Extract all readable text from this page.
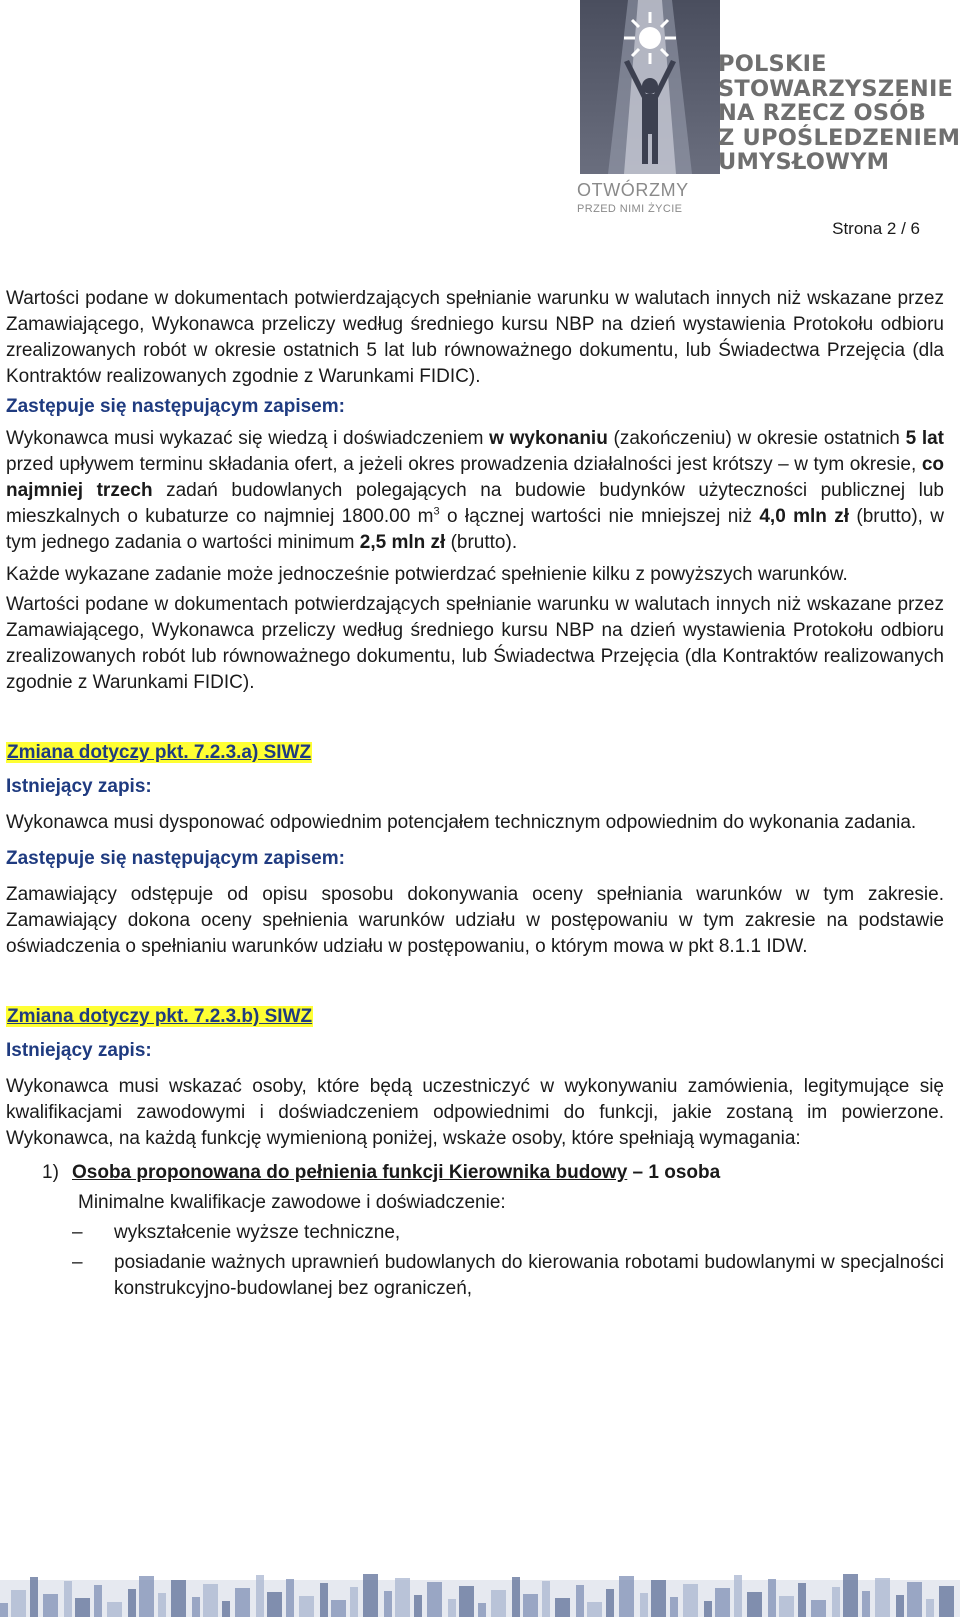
POLSKIE
STOWARZYSZENIE
NA RZECZ OSÓB
Z UPOŚLEDZENIEM
UMYSŁOWYM
OTWÓRZMY
PRZED NIMI ŻYCIE
Strona 2 / 6

Wartości podane w dokumentach potwierdzających spełnianie warunku w walutach innych niż wskazane przez Zamawiającego, Wykonawca przeliczy według średniego kursu NBP na dzień wystawienia Protokołu odbioru zrealizowanych robót w okresie ostatnich 5 lat lub równoważnego dokumentu, lub Świadectwa Przejęcia (dla Kontraktów realizowanych zgodnie z Warunkami FIDIC).

Zastępuje się następującym zapisem:

Wykonawca musi wykazać się wiedzą i doświadczeniem w wykonaniu (zakończeniu) w okresie ostatnich 5 lat przed upływem terminu składania ofert, a jeżeli okres prowadzenia działalności jest krótszy – w tym okresie, co najmniej trzech zadań budowlanych polegających na budowie budynków użyteczności publicznej lub mieszkalnych o kubaturze co najmniej 1800.00 $m^3$ o łącznej wartości nie mniejszej niż 4,0 mln zł (brutto), w tym jednego zadania o wartości minimum 2,5 mln zł (brutto).

Każde wykazane zadanie może jednocześnie potwierdzać spełnienie kilku z powyższych warunków.

Wartości podane w dokumentach potwierdzających spełnianie warunku w walutach innych niż wskazane przez Zamawiającego, Wykonawca przeliczy według średniego kursu NBP na dzień wystawienia Protokołu odbioru zrealizowanych robót lub równoważnego dokumentu, lub Świadectwa Przejęcia (dla Kontraktów realizowanych zgodnie z Warunkami FIDIC).

Zmiana dotyczy pkt. 7.2.3.a) SIWZ

Istniejący zapis:

Wykonawca musi dysponować odpowiednim potencjałem technicznym odpowiednim do wykonania zadania.

Zastępuje się następującym zapisem:

Zamawiający odstępuje od opisu sposobu dokonywania oceny spełniania warunków w tym zakresie. Zamawiający dokona oceny spełnienia warunków udziału w postępowaniu w tym zakresie na podstawie oświadczenia o spełnianiu warunków udziału w postępowaniu, o którym mowa w pkt 8.1.1 IDW.

Zmiana dotyczy pkt. 7.2.3.b) SIWZ

Istniejący zapis:

Wykonawca musi wskazać osoby, które będą uczestniczyć w wykonywaniu zamówienia, legitymujące się kwalifikacjami zawodowymi i doświadczeniem odpowiednimi do funkcji, jakie zostaną im powierzone. Wykonawca, na każdą funkcję wymienioną poniżej, wskaże osoby, które spełniają wymagania:

1) Osoba proponowana do pełnienia funkcji Kierownika budowy – 1 osoba
Minimalne kwalifikacje zawodowe i doświadczenie:
–	wykształcenie wyższe techniczne,
–	posiadanie ważnych uprawnień budowlanych do kierowania robotami budowlanymi w specjalności konstrukcyjno-budowlanej bez ograniczeń,
